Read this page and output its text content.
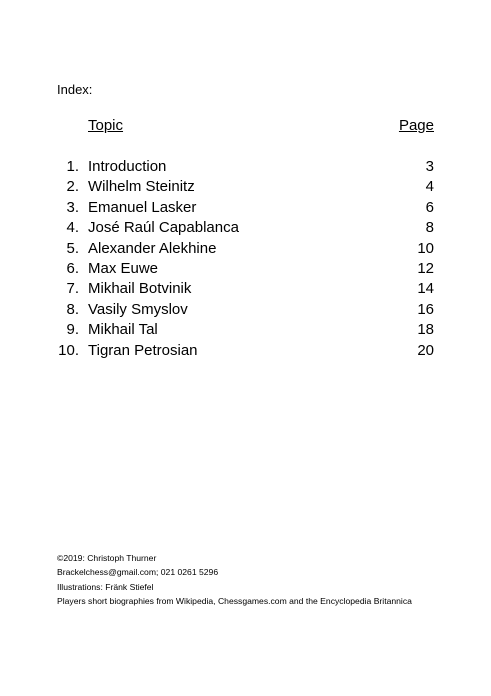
Index:
Topic	Page
1. Introduction	3
2. Wilhelm Steinitz	4
3. Emanuel Lasker	6
4. José Raúl Capablanca	8
5. Alexander Alekhine	10
6. Max Euwe	12
7. Mikhail Botvinik	14
8. Vasily Smyslov	16
9. Mikhail Tal	18
10. Tigran Petrosian	20
©2019: Christoph Thurner
Brackelchess@gmail.com; 021 0261 5296
Illustrations: Fränk Stiefel
Players short biographies from Wikipedia, Chessgames.com and the Encyclopedia Britannica
